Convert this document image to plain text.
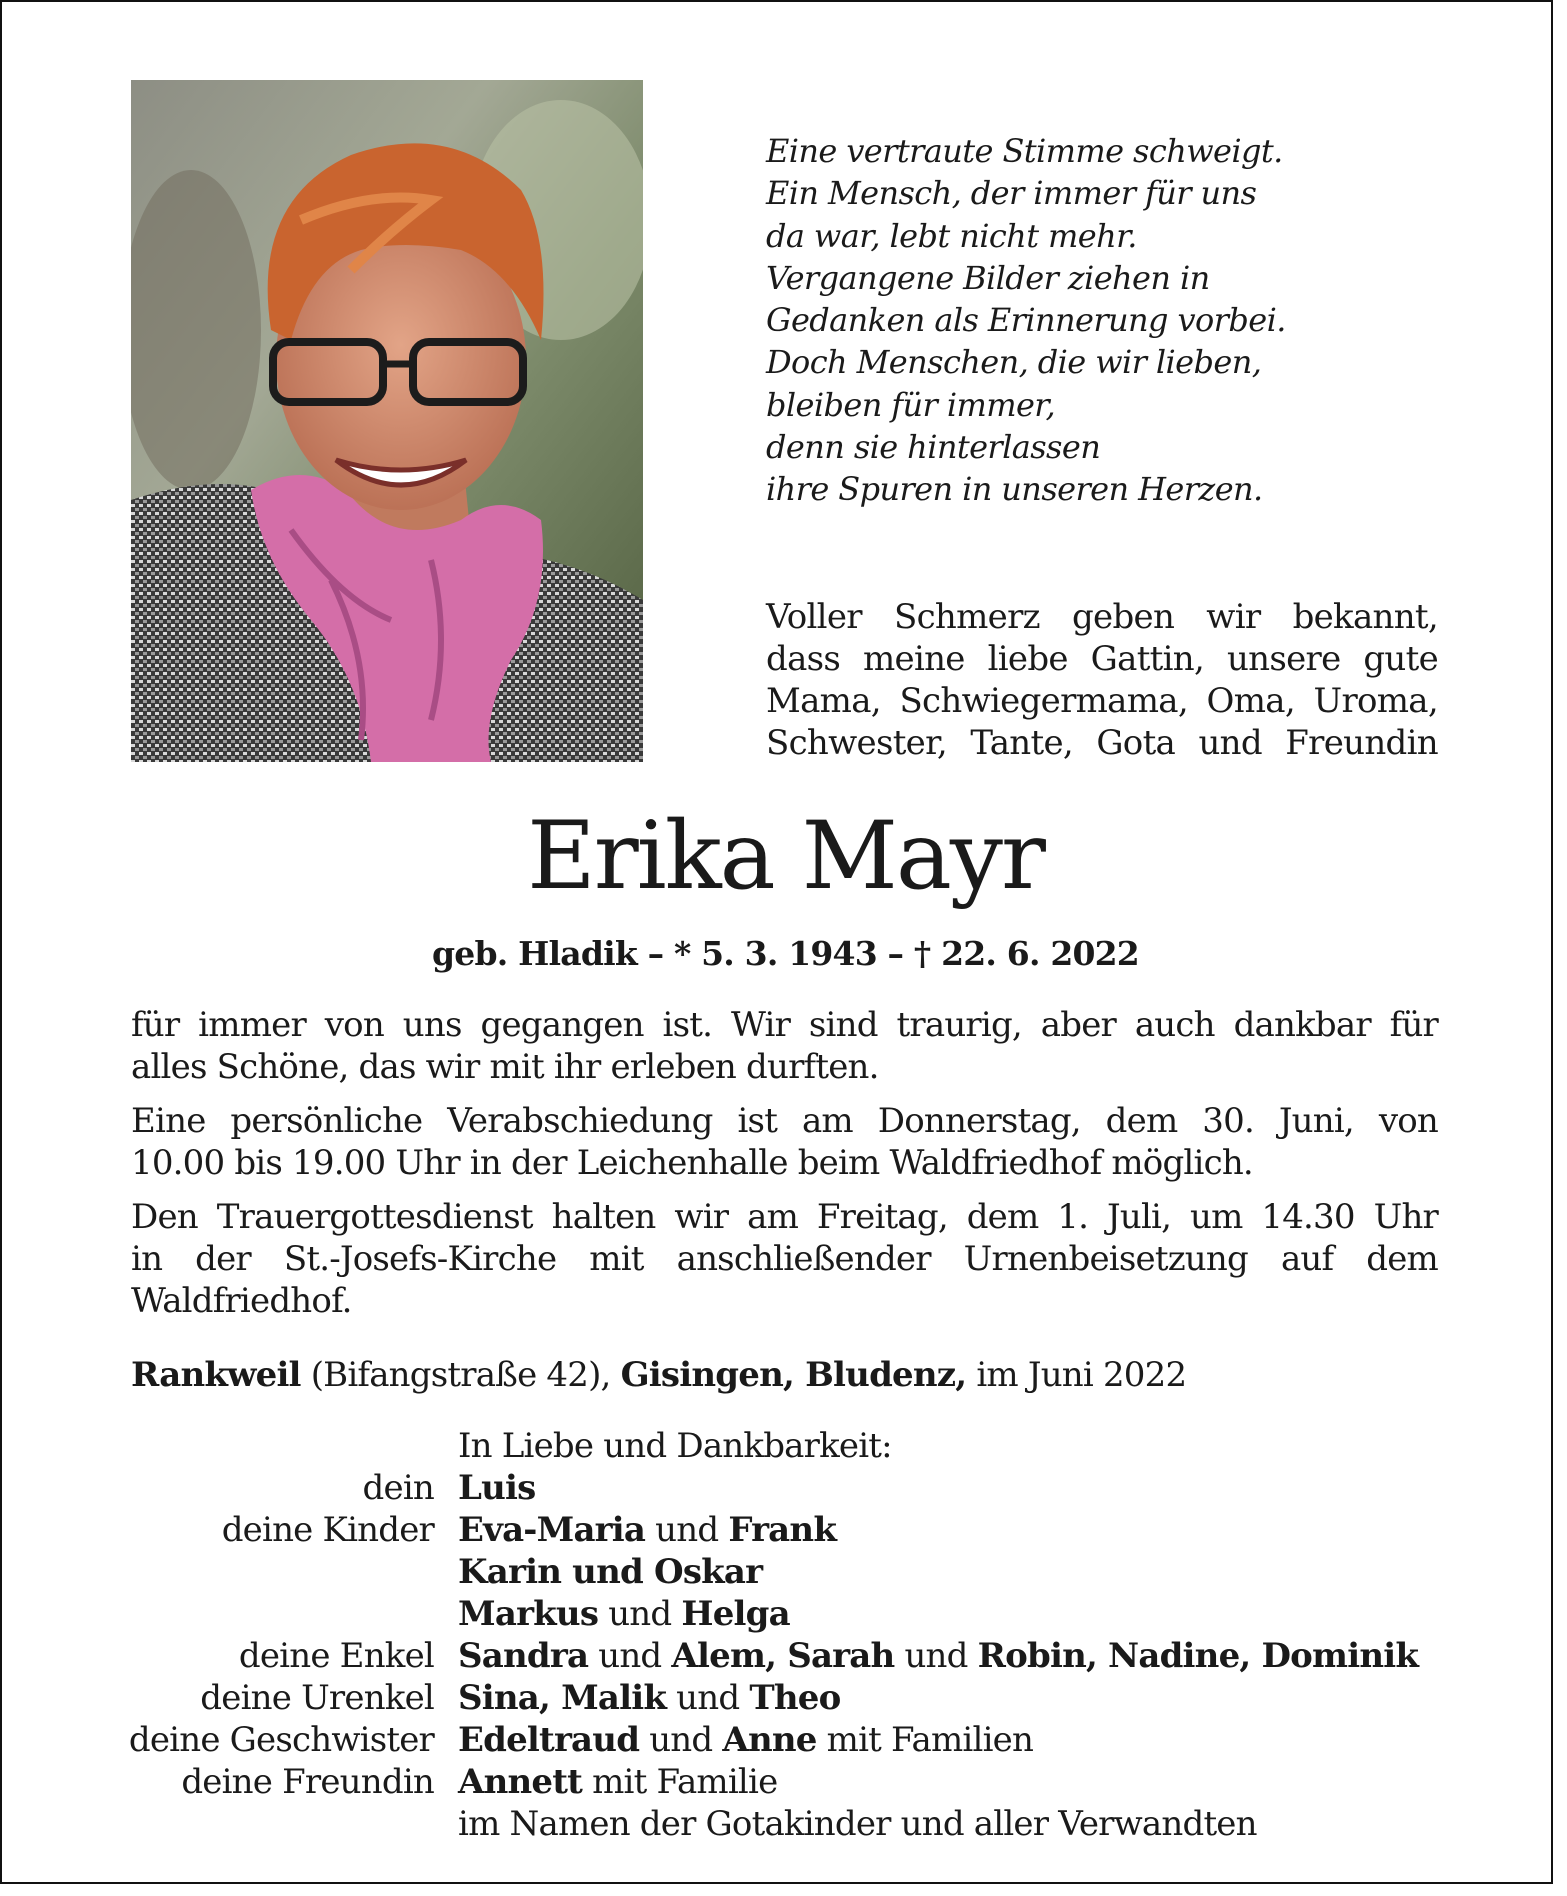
Eine vertraute Stimme schweigt.
Ein Mensch, der immer für uns
da war, lebt nicht mehr.
Vergangene Bilder ziehen in
Gedanken als Erinnerung vorbei.
Doch Menschen, die wir lieben,
bleiben für immer,
denn sie hinterlassen
ihre Spuren in unseren Herzen.
Voller Schmerz geben wir bekannt,
dass meine liebe Gattin, unsere gute
Mama, Schwiegermama, Oma, Uroma,
Schwester, Tante, Gota und Freundin
Erika Mayr
geb. Hladik – * 5. 3. 1943 – † 22. 6. 2022
für immer von uns gegangen ist. Wir sind traurig, aber auch dankbar für
alles Schöne, das wir mit ihr erleben durften.
Eine persönliche Verabschiedung ist am Donnerstag, dem 30. Juni, von
10.00 bis 19.00 Uhr in der Leichenhalle beim Waldfriedhof möglich.
Den Trauergottesdienst halten wir am Freitag, dem 1. Juli, um 14.30 Uhr
in der St.-Josefs-Kirche mit anschließender Urnenbeisetzung auf dem
Waldfriedhof.
Rankweil (Bifangstraße 42), Gisingen, Bludenz, im Juni 2022
In Liebe und Dankbarkeit:
dein Luis
deine Kinder Eva-Maria und Frank
Karin und Oskar
Markus und Helga
deine Enkel Sandra und Alem, Sarah und Robin, Nadine, Dominik
deine Urenkel Sina, Malik und Theo
deine Geschwister Edeltraud und Anne mit Familien
deine Freundin Annett mit Familie
im Namen der Gotakinder und aller Verwandten
